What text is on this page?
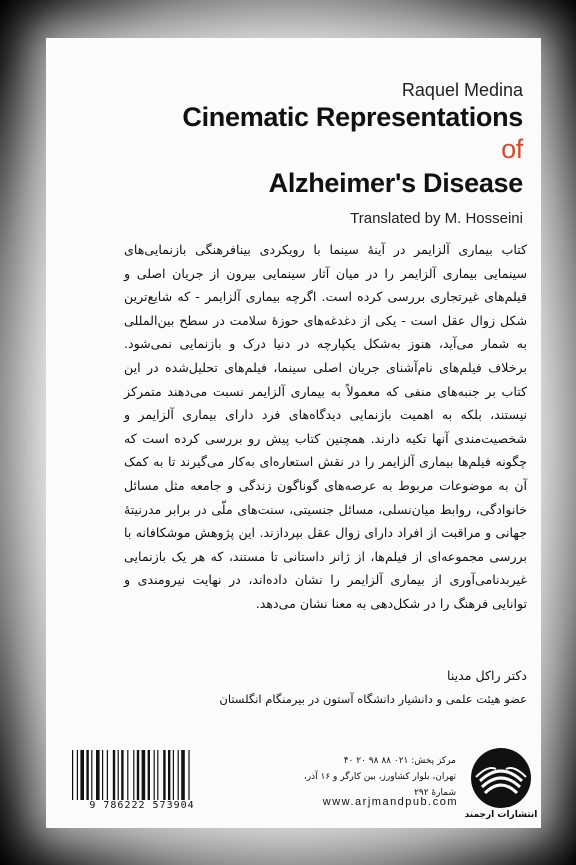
Raquel Medina
Cinematic Representations
of
Alzheimer's Disease
Translated by M. Hosseini
کتاب بیماری آلزایمر در آینهٔ سینما با رویکردی بینافرهنگی بازنمایی‌های سینمایی بیماری آلزایمر را در میان آثار سینمایی بیرون از جریان اصلی و فیلم‌های غیرتجاری بررسی کرده است. اگرچه بیماری آلزایمر - که شایع‌ترین شکل زوال عقل است - یکی از دغدغه‌های حوزهٔ سلامت در سطح بین‌المللی به شمار می‌آید، هنوز به‌شکل یکپارچه در دنیا درک و بازنمایی نمی‌شود. برخلاف فیلم‌های نام‌آشنای جریان اصلی سینما، فیلم‌های تحلیل‌شده در این کتاب بر جنبه‌های منفی که معمولاً به بیماری آلزایمر نسبت می‌دهند متمرکز نیستند، بلکه به اهمیت بازنمایی دیدگاه‌های فرد دارای بیماری آلزایمر و شخصیت‌مندی آنها تکیه دارند. همچنین کتاب پیش رو بررسی کرده است که چگونه فیلم‌ها بیماری آلزایمر را در نقش استعاره‌ای به‌کار می‌گیرند تا به کمک آن به موضوعات مربوط به عرصه‌های گوناگون زندگی و جامعه مثل مسائل خانوادگی، روابط میان‌نسلی، مسائل جنسیتی، سنت‌های ملّی در برابر مدرنیتهٔ جهانی و مراقبت از افراد دارای زوال عقل بپردازند. این پژوهش موشکافانه با بررسی مجموعه‌ای از فیلم‌ها، از ژانر داستانی تا مستند، که هر یک بازنمایی غیربدنامی‌آوری از بیماری آلزایمر را نشان داده‌اند، در نهایت نیرومندی و توانایی فرهنگ را در شکل‌دهی به معنا نشان می‌دهد.
دکتر راکل مدینا
عضو هیئت علمی و دانشیار دانشگاه آستون در بیرمنگام انگلستان
9 786222 573904
مرکز پخش: ۰۲۱ ۸۸ ۹۸ ۲۰ ۴۰
تهران، بلوار کشاورز، بین کارگر و ۱۶ آذر، شمارهٔ ۲۹۲
www.arjmandpub.com
انتشارات ارجمند
